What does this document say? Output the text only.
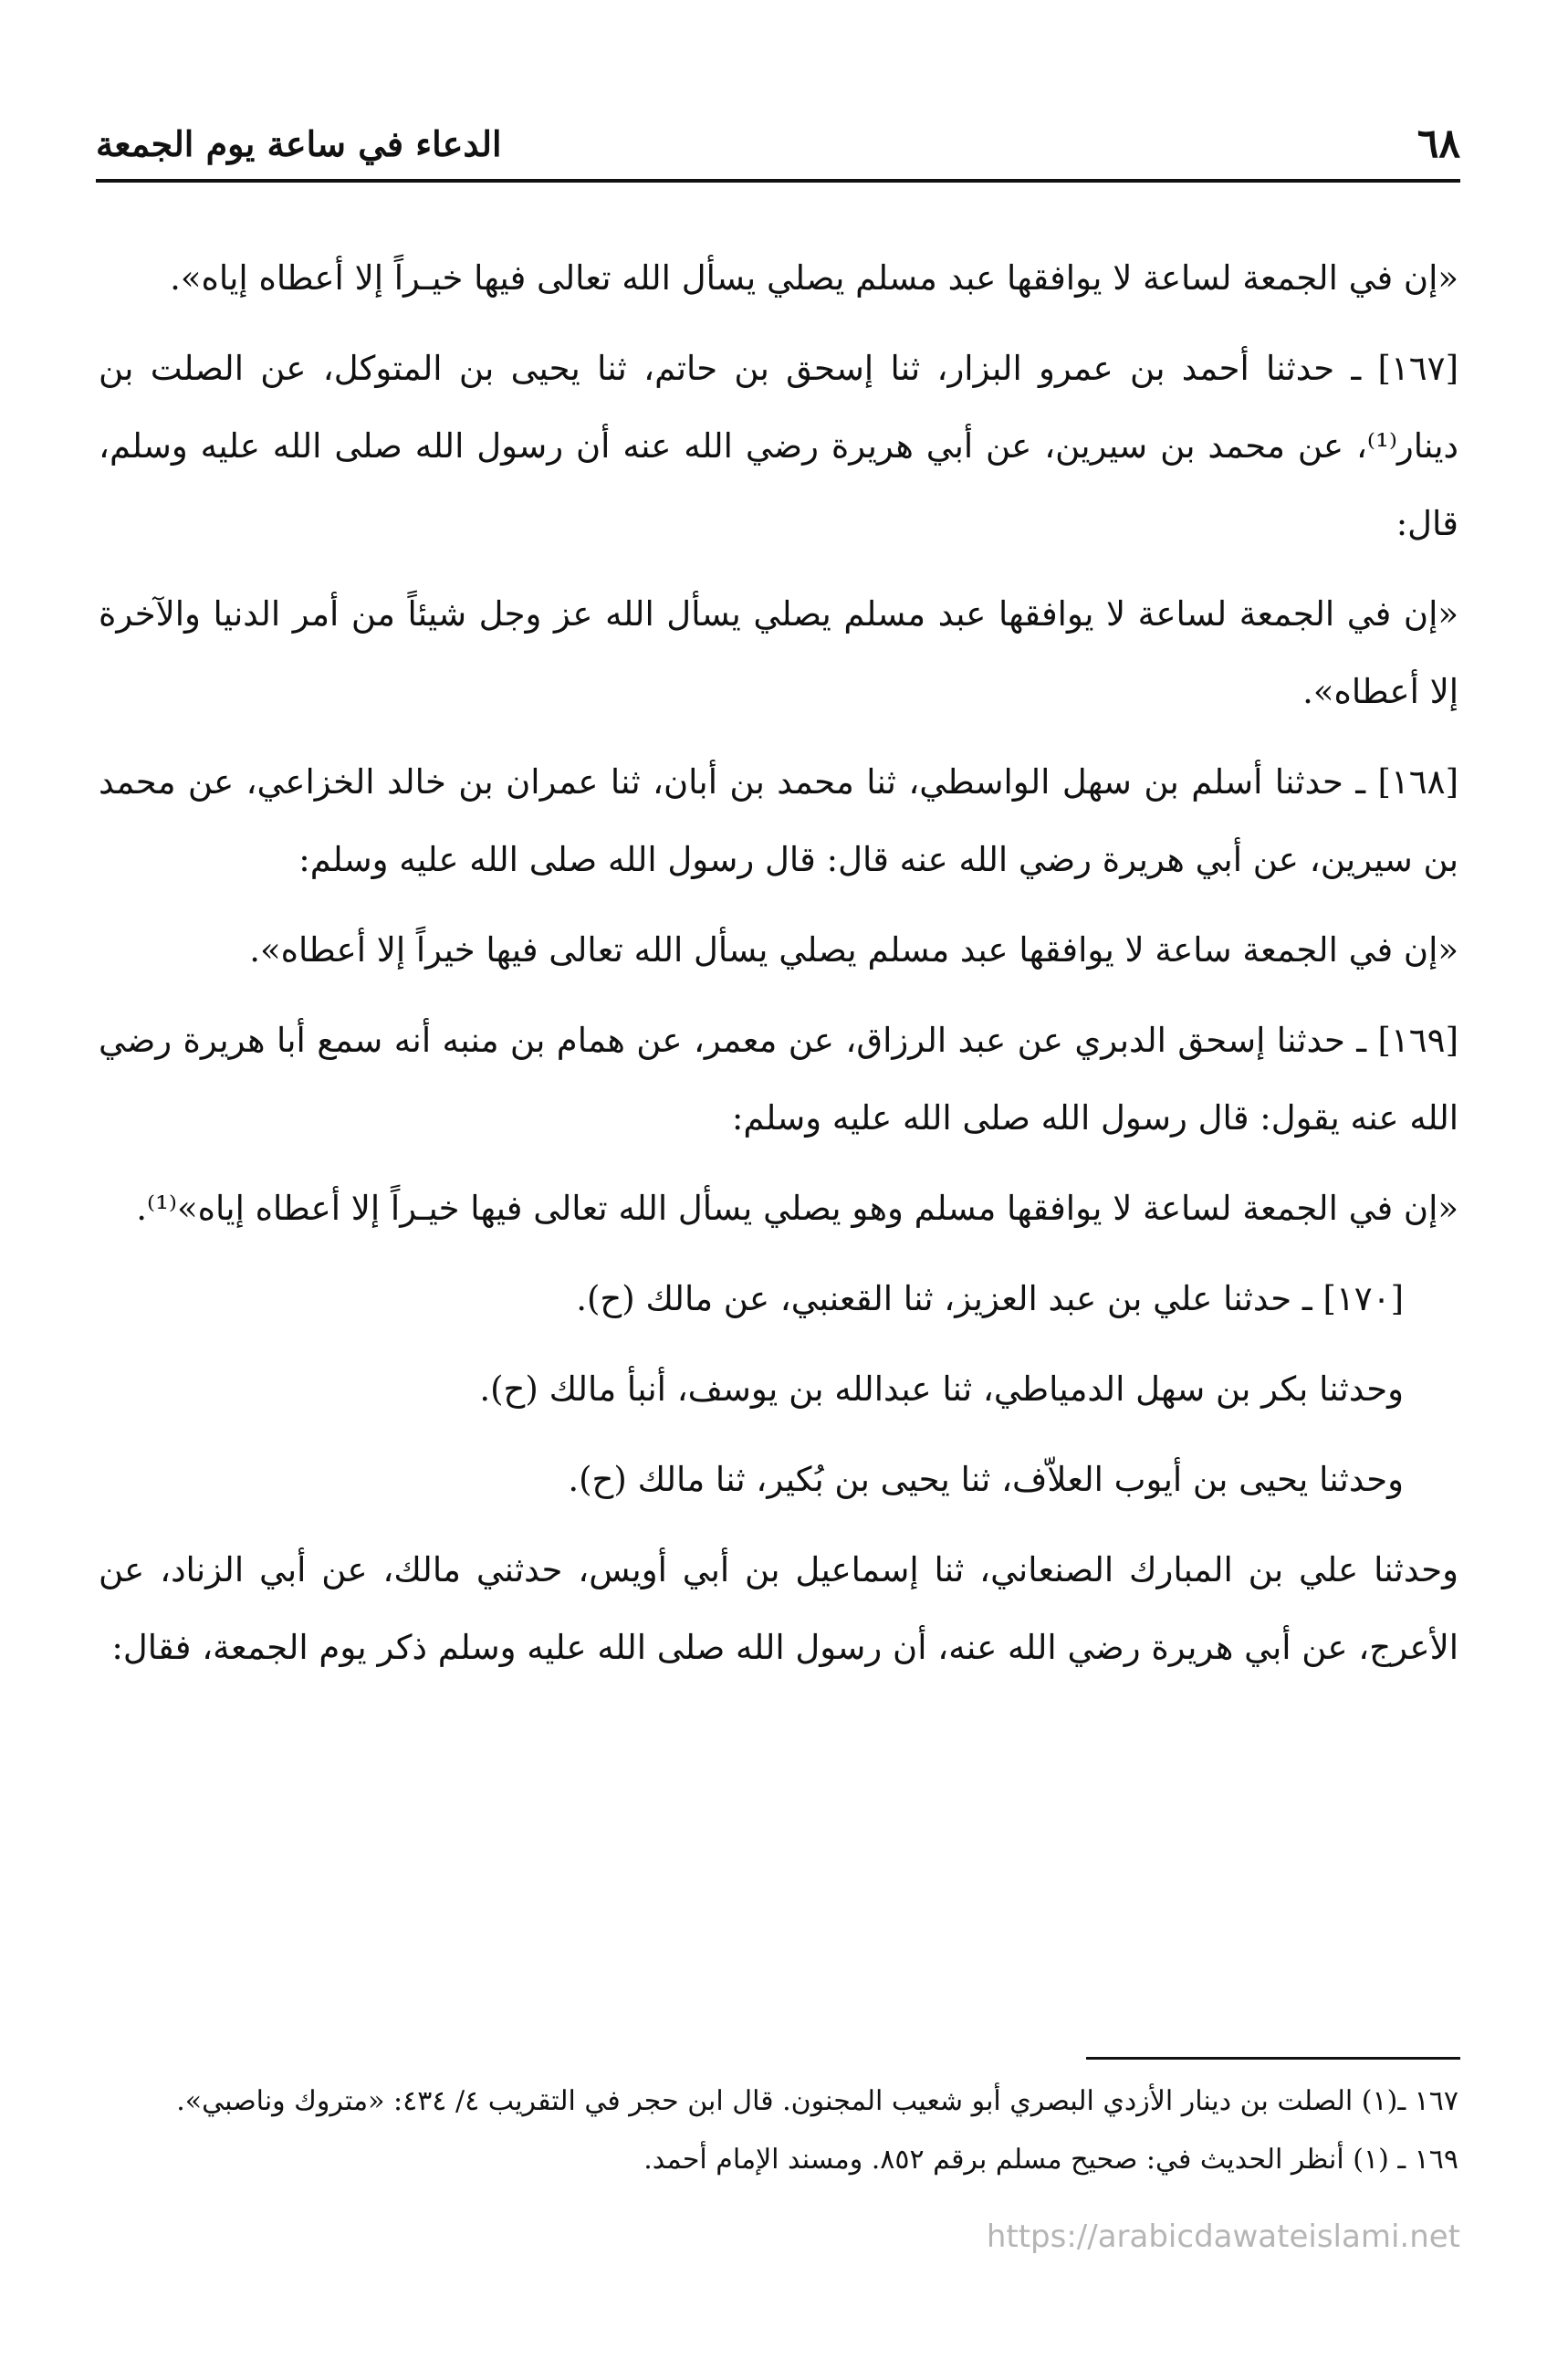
٦٨
الدعاء في ساعة يوم الجمعة

«إن في الجمعة لساعة لا يوافقها عبد مسلم يصلي يسأل الله تعالى فيها خيـراً إلا أعطاه إياه».

[١٦٧] ـ حدثنا أحمد بن عمرو البزار، ثنا إسحق بن حاتم، ثنا يحيى بن المتوكل، عن الصلت بن دينار⁽¹⁾، عن محمد بن سيرين، عن أبي هريرة رضي الله عنه أن رسول الله صلى الله عليه وسلم، قال:

«إن في الجمعة لساعة لا يوافقها عبد مسلم يصلي يسأل الله عز وجل شيئاً من أمر الدنيا والآخرة إلا أعطاه».

[١٦٨] ـ حدثنا أسلم بن سهل الواسطي، ثنا محمد بن أبان، ثنا عمران بن خالد الخزاعي، عن محمد بن سيرين، عن أبي هريرة رضي الله عنه قال: قال رسول الله صلى الله عليه وسلم:

«إن في الجمعة ساعة لا يوافقها عبد مسلم يصلي يسأل الله تعالى فيها خيراً إلا أعطاه».

[١٦٩] ـ حدثنا إسحق الدبري عن عبد الرزاق، عن معمر، عن همام بن منبه أنه سمع أبا هريرة رضي الله عنه يقول: قال رسول الله صلى الله عليه وسلم:

«إن في الجمعة لساعة لا يوافقها مسلم وهو يصلي يسأل الله تعالى فيها خيـراً إلا أعطاه إياه»⁽¹⁾.

[١٧٠] ـ حدثنا علي بن عبد العزيز، ثنا القعنبي، عن مالك (ح).

وحدثنا بكر بن سهل الدمياطي، ثنا عبدالله بن يوسف، أنبأ مالك (ح).

وحدثنا يحيى بن أيوب العلاّف، ثنا يحيى بن بُكير، ثنا مالك (ح).

وحدثنا علي بن المبارك الصنعاني، ثنا إسماعيل بن أبي أويس، حدثني مالك، عن أبي الزناد، عن الأعرج، عن أبي هريرة رضي الله عنه، أن رسول الله صلى الله عليه وسلم ذكر يوم الجمعة، فقال:

١٦٧ ـ(١) الصلت بن دينار الأزدي البصري أبو شعيب المجنون. قال ابن حجر في التقريب ٤/ ٤٣٤: «متروك وناصبي».

١٦٩ ـ (١) أنظر الحديث في: صحيح مسلم برقم ٨٥٢. ومسند الإمام أحمد.

https://arabicdawateislami.net
